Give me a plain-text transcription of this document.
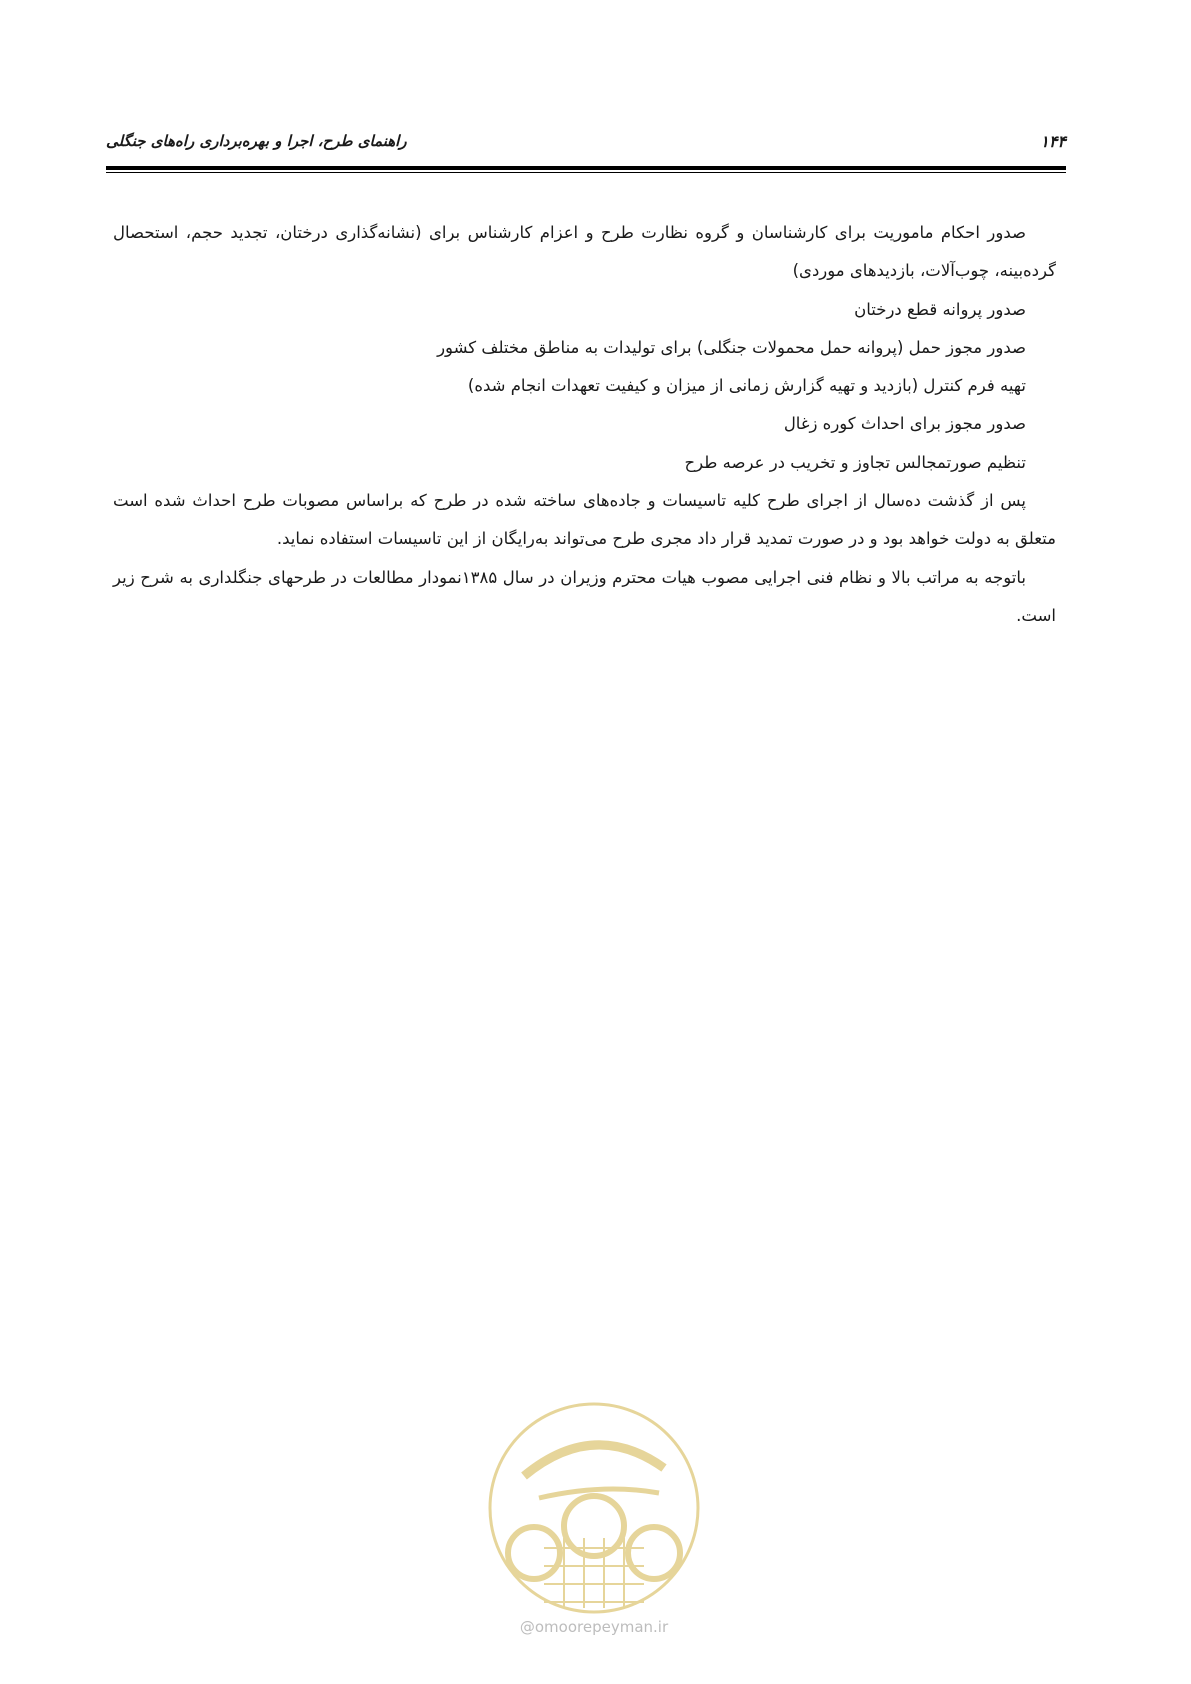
۱۴۴
راهنمای طرح، اجرا و بهره‌برداری راه‌های جنگلی

صدور احکام ماموریت برای کارشناسان و گروه نظارت طرح و اعزام کارشناس برای (نشانه‌گذاری درختان، تجدید حجم، استحصال گرده‌بینه، چوب‌آلات، بازدیدهای موردی)

صدور پروانه قطع درختان

صدور مجوز حمل (پروانه حمل محمولات جنگلی) برای تولیدات به مناطق مختلف کشور

تهیه فرم کنترل (بازدید و تهیه گزارش زمانی از میزان و کیفیت تعهدات انجام شده)

صدور مجوز برای احداث کوره زغال

تنظیم صورتمجالس تجاوز و تخریب در عرصه طرح

پس از گذشت ده‌سال از اجرای طرح کلیه تاسیسات و جاده‌های ساخته شده در طرح که براساس مصوبات طرح احداث شده است متعلق به دولت خواهد بود و در صورت تمدید قرار داد مجری طرح می‌تواند به‌رایگان از این تاسیسات استفاده نماید.

باتوجه به مراتب بالا و نظام فنی اجرایی مصوب هیات محترم وزیران در سال ۱۳۸۵نمودار مطالعات در طرحهای جنگلداری به شرح زیر است.

@omoorepeyman.ir
